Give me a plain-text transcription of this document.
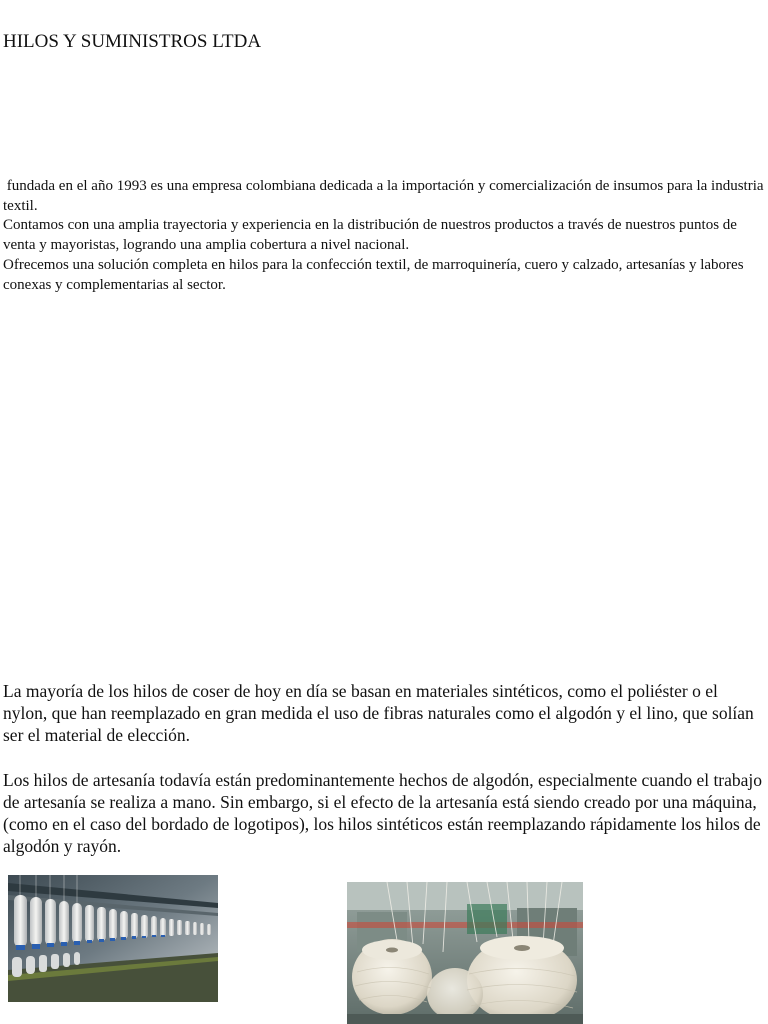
HILOS Y SUMINISTROS LTDA

fundada en el año 1993 es una empresa colombiana dedicada a la importación y comercialización de insumos para la industria textil.

Contamos con una amplia trayectoria y experiencia en la distribución de nuestros productos a través de nuestros puntos de venta y mayoristas, logrando una amplia cobertura a nivel nacional.

Ofrecemos una solución completa en hilos para la confección textil, de marroquinería, cuero y calzado, artesanías y labores conexas y complementarias al sector.

La mayoría de los hilos de coser de hoy en día se basan en materiales sintéticos, como el poliéster o el nylon, que han reemplazado en gran medida el uso de fibras naturales como el algodón y el lino, que solían ser el material de elección.

Los hilos de artesanía todavía están predominantemente hechos de algodón, especialmente cuando el trabajo de artesanía se realiza a mano. Sin embargo, si el efecto de la artesanía está siendo creado por una máquina, (como en el caso del bordado de logotipos), los hilos sintéticos están reemplazando rápidamente los hilos de algodón y rayón.
